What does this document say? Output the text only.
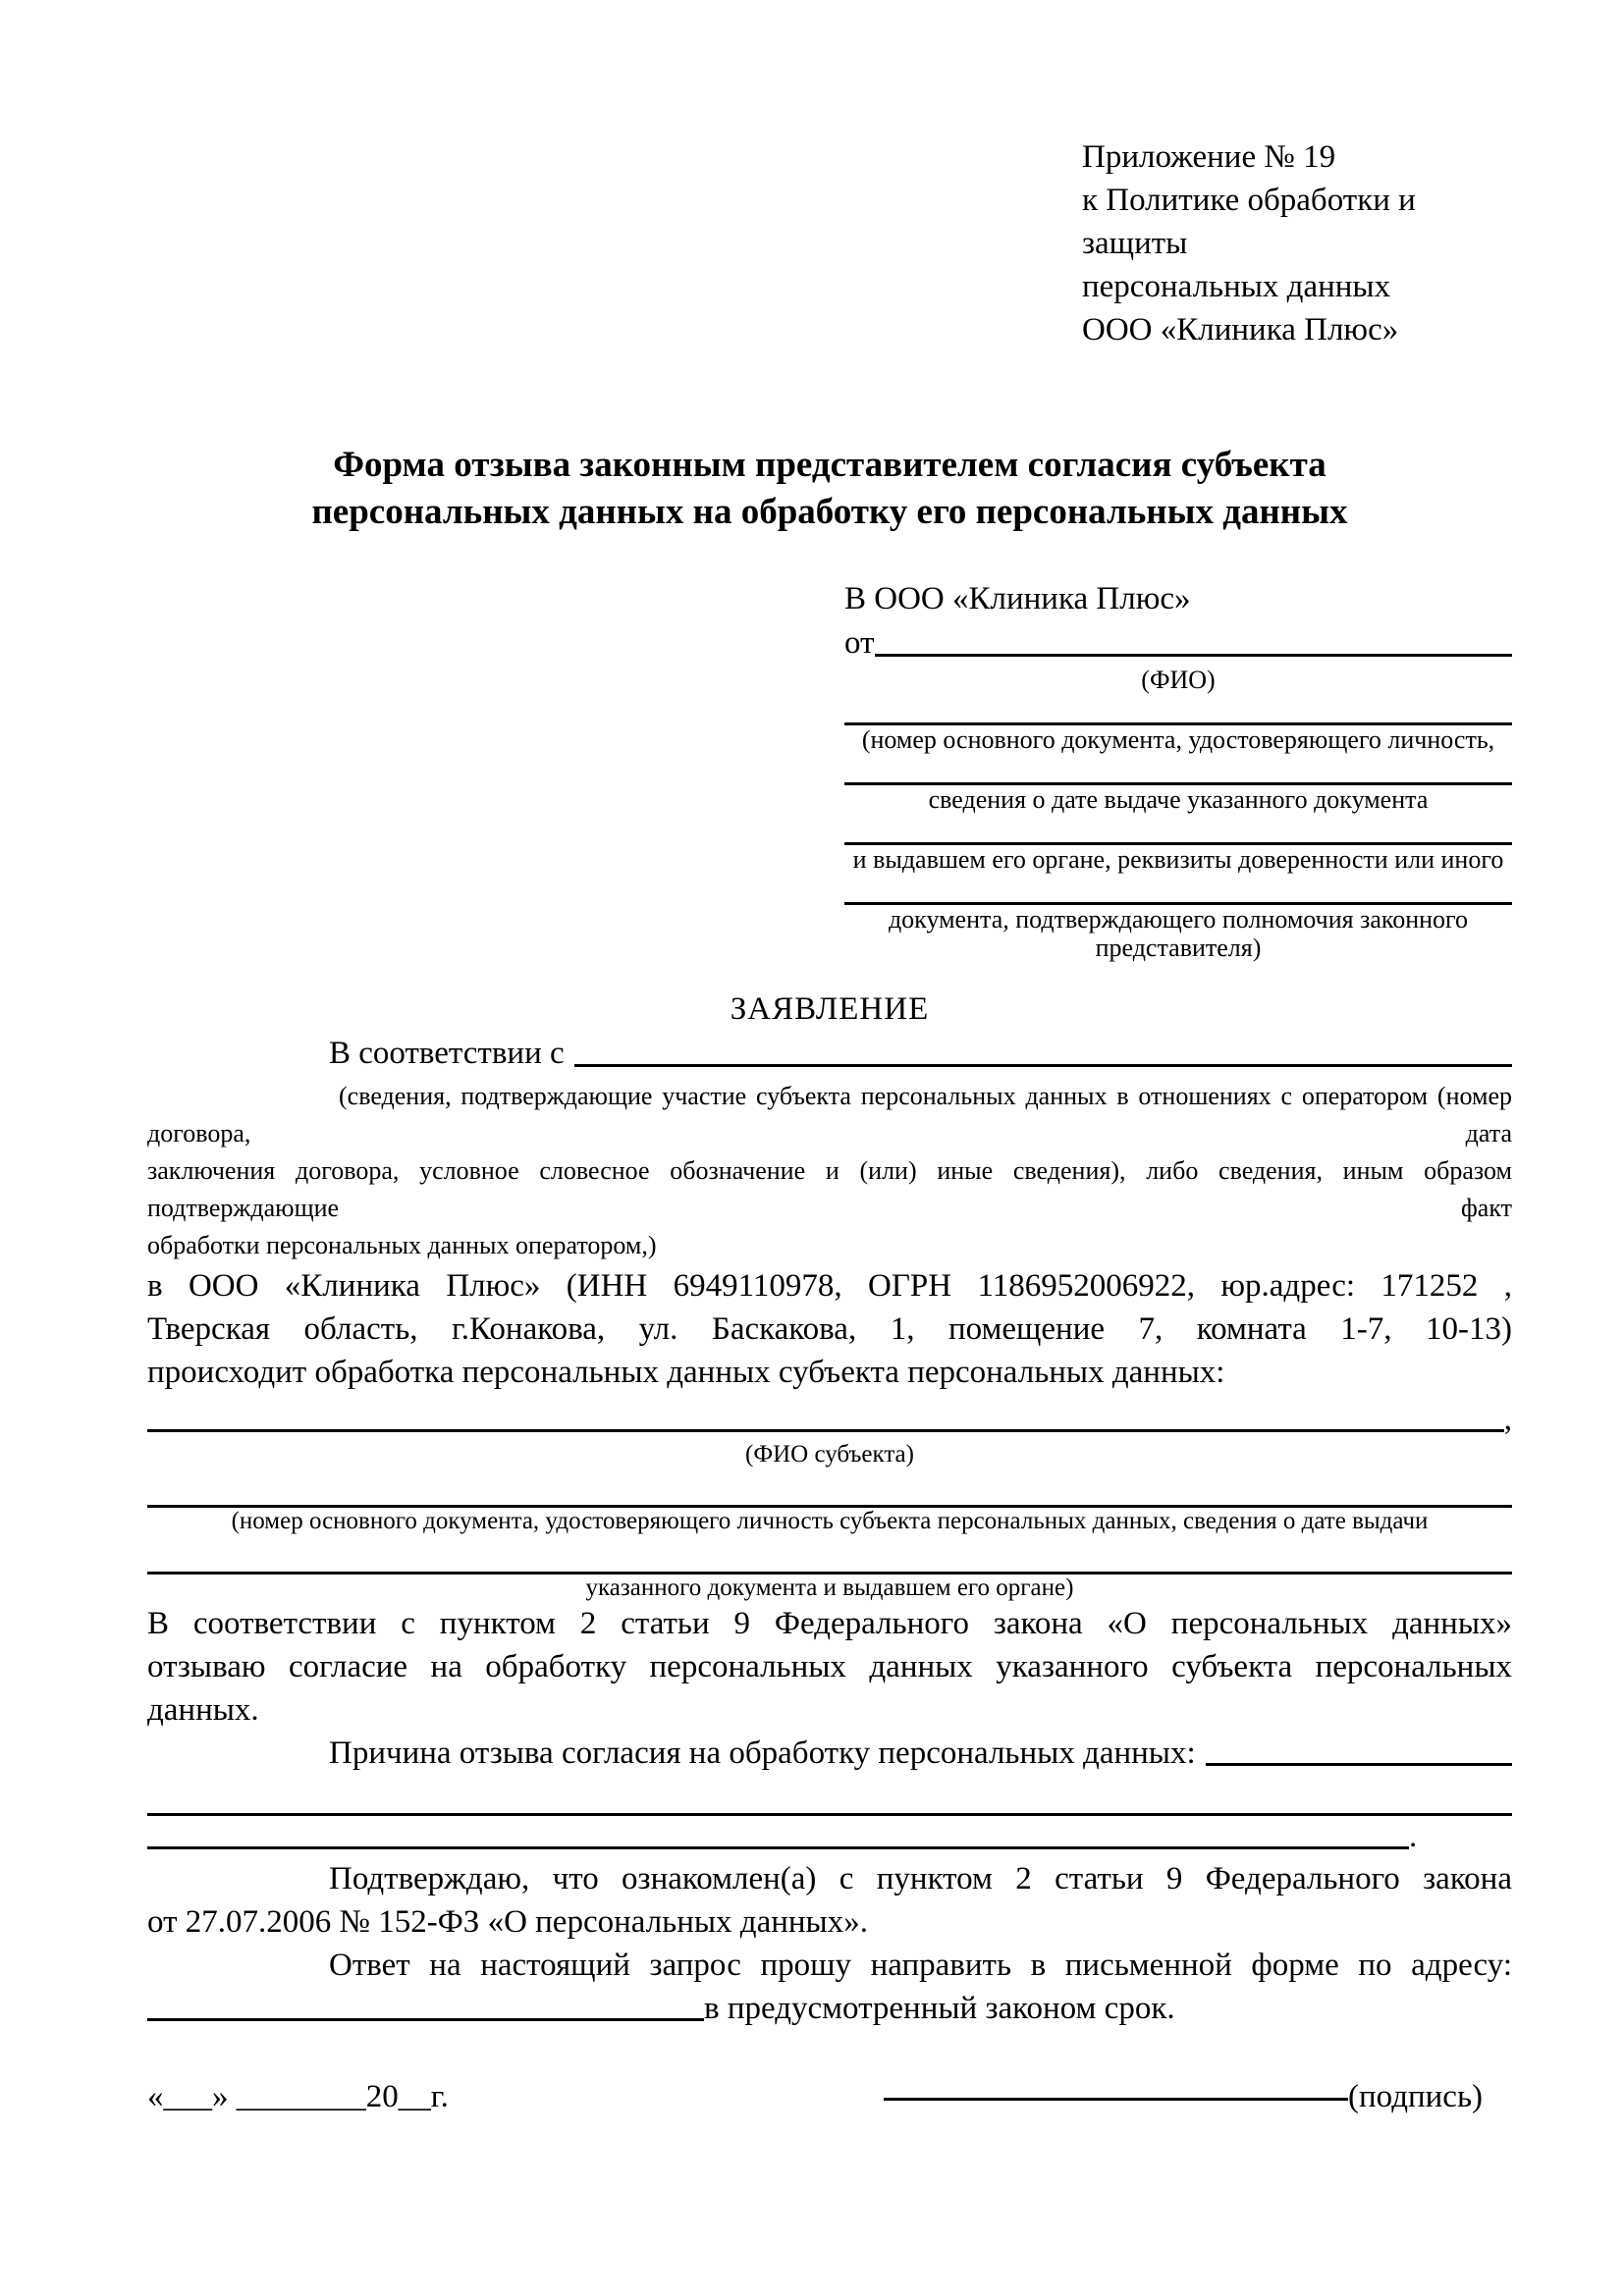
Приложение № 19
к Политике обработки и защиты
персональных данных
ООО «Клиника Плюс»
Форма отзыва законным представителем согласия субъекта
персональных данных на обработку его персональных данных
В ООО «Клиника Плюс»
от
(ФИО)
(номер основного документа, удостоверяющего личность,
сведения о дате выдаче указанного документа
и выдавшем его органе, реквизиты доверенности или иного
документа, подтверждающего полномочия законного представителя)
ЗАЯВЛЕНИЕ
В соответствии с
(сведения, подтверждающие участие субъекта персональных данных в отношениях с оператором (номер договора, дата
заключения договора, условное словесное обозначение и (или) иные сведения), либо сведения, иным образом подтверждающие факт
обработки персональных данных оператором,)
в ООО «Клиника Плюс» (ИНН 6949110978, ОГРН 1186952006922, юр.адрес: 171252 ,
Тверская область, г.Конакова, ул. Баскакова, 1, помещение 7, комната 1-7, 10-13)
происходит обработка персональных данных субъекта персональных данных:
,
(ФИО субъекта)
(номер основного документа, удостоверяющего личность субъекта персональных данных, сведения о дате выдачи
указанного документа и выдавшем его органе)
В соответствии с пунктом 2 статьи 9 Федерального закона «О персональных данных»
отзываю согласие на обработку персональных данных указанного субъекта персональных
данных.
Причина отзыва согласия на обработку персональных данных:
.
Подтверждаю, что ознакомлен(а) с пунктом 2 статьи 9 Федерального закона
от 27.07.2006 № 152-ФЗ «О персональных данных».
Ответ на настоящий запрос прошу направить в письменной форме по адресу:
в предусмотренный законом срок.
«___» ________20__г.	(подпись)
